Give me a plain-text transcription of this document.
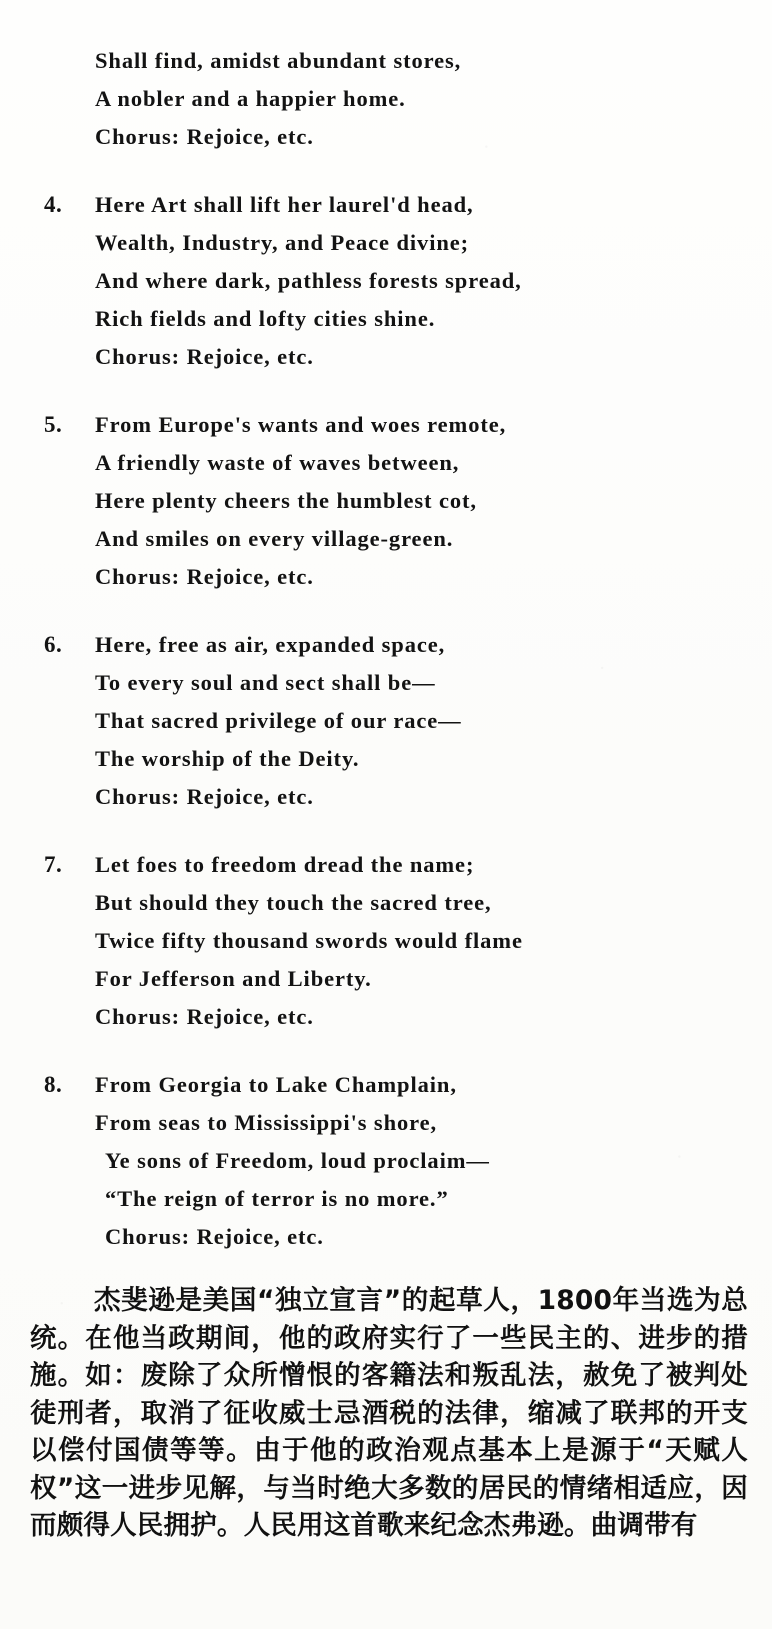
Shall find, amidst abundant stores,
A nobler and a happier home.
Chorus: Rejoice, etc.
4.	Here Art shall lift her laurel'd head,
Wealth, Industry, and Peace divine;
And where dark, pathless forests spread,
Rich fields and lofty cities shine.
Chorus: Rejoice, etc.
5.	From Europe's wants and woes remote,
A friendly waste of waves between,
Here plenty cheers the humblest cot,
And smiles on every village-green.
Chorus: Rejoice, etc.
6.	Here, free as air, expanded space,
To every soul and sect shall be—
That sacred privilege of our race—
The worship of the Deity.
Chorus: Rejoice, etc.
7.	Let foes to freedom dread the name;
But should they touch the sacred tree,
Twice fifty thousand swords would flame
For Jefferson and Liberty.
Chorus: Rejoice, etc.
8.	From Georgia to Lake Champlain,
From seas to Mississippi's shore,
Ye sons of Freedom, loud proclaim—
“The reign of terror is no more.”
Chorus: Rejoice, etc.

杰斐逊是美国“独立宣言”的起草人，1800年当选为总统。在他当政期间，他的政府实行了一些民主的、进步的措施。如：废除了众所憎恨的客籍法和叛乱法，赦免了被判处徒刑者，取消了征收威士忌酒税的法律，缩减了联邦的开支以偿付国债等等。由于他的政治观点基本上是源于“天赋人权”这一进步见解，与当时绝大多数的居民的情绪相适应，因而颇得人民拥护。人民用这首歌来纪念杰弗逊。曲调带有
